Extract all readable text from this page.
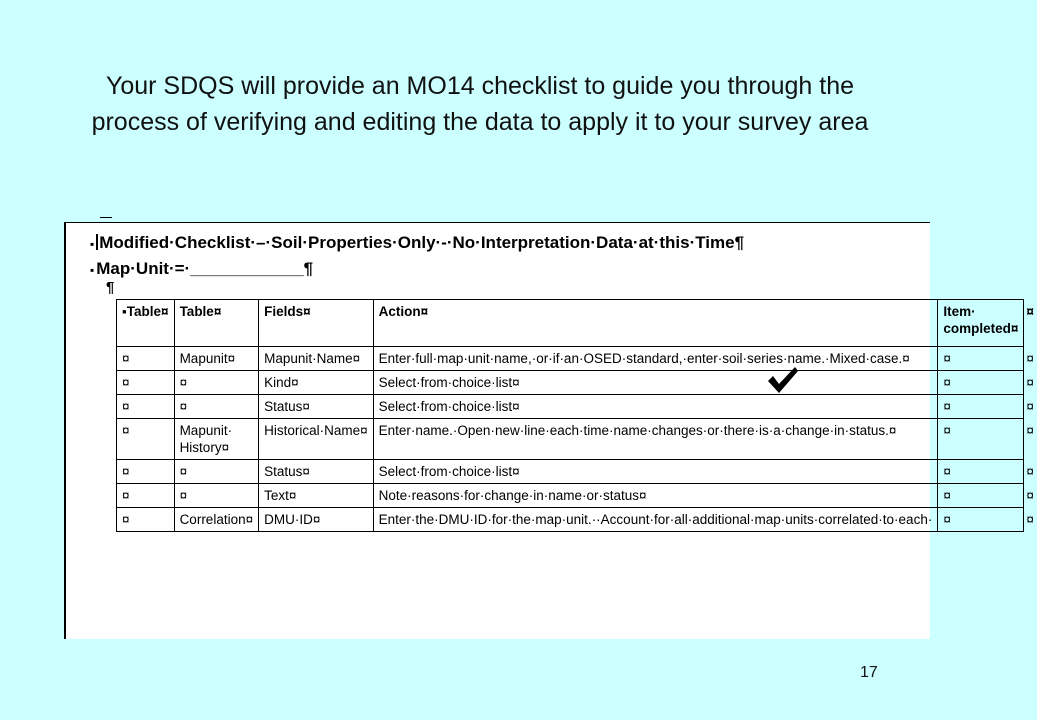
Your SDQS will provide an MO14 checklist to guide you through the process of verifying and editing the data to apply it to your survey area
▪ Modified·Checklist·–·Soil·Properties·Only·-·No·Interpretation·Data·at·this·Time¶
▪ Map·Unit·=·____________¶
¶
▪Table¤	Table¤	Fields¤	Action¤	Item· completed¤	¤
¤	Mapunit¤	Mapunit·Name¤	Enter·full·map·unit·name,·or·if·an·OSED·standard,·enter·soil·series·name.·Mixed·case.¤	¤	¤
¤	¤	Kind¤	Select·from·choice·list¤	¤	¤
¤	¤	Status¤	Select·from·choice·list¤	¤	¤
¤	Mapunit· History¤	Historical·Name¤	Enter·name.·Open·new·line·each·time·name·changes·or·there·is·a·change·in·status.¤	¤	¤
¤	¤	Status¤	Select·from·choice·list¤	¤	¤
¤	¤	Text¤	Note·reasons·for·change·in·name·or·status¤	¤	¤
¤	Correlation¤	DMU·ID¤	Enter·the·DMU·ID·for·the·map·unit.··Account·for·all·additional·map·units·correlated·to·each·	¤	¤
17
